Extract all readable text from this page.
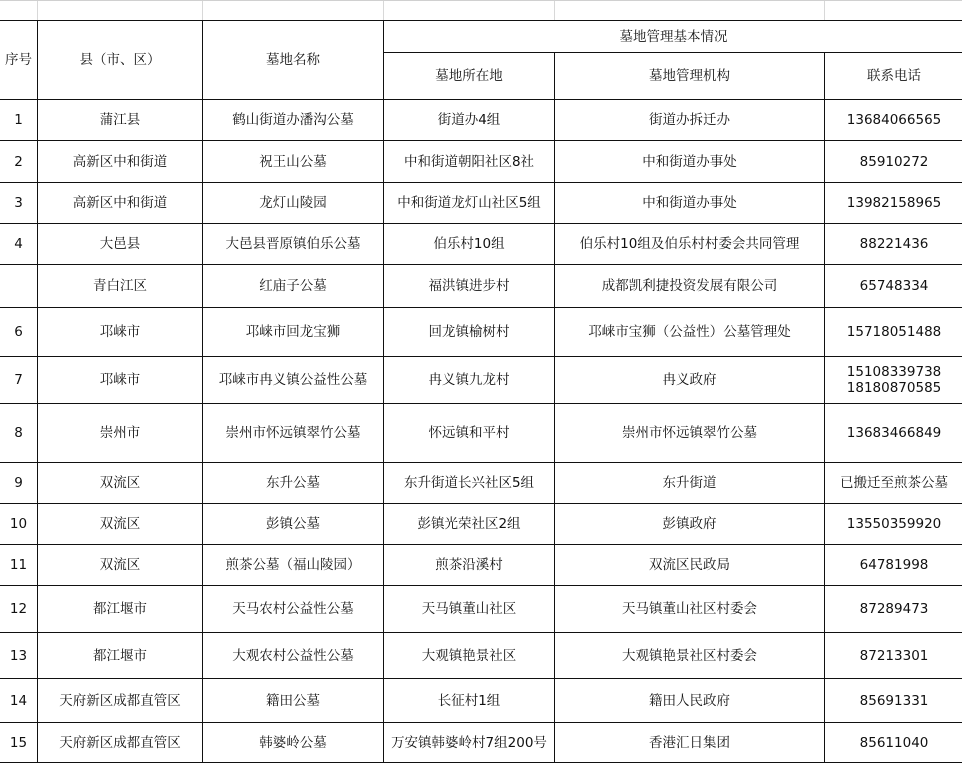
序号	县（市、区）	墓地名称	墓地管理基本情况		
			墓地所在地	墓地管理机构	联系电话
1	蒲江县	鹤山街道办潘沟公墓	街道办4组	街道办拆迁办	13684066565
2	高新区中和街道	祝王山公墓	中和街道朝阳社区8社	中和街道办事处	85910272
3	高新区中和街道	龙灯山陵园	中和街道龙灯山社区5组	中和街道办事处	13982158965
4	大邑县	大邑县晋原镇伯乐公墓	伯乐村10组	伯乐村10组及伯乐村村委会共同管理	88221436
	青白江区	红庙子公墓	福洪镇进步村	成都凯利捷投资发展有限公司	65748334
6	邛崃市	邛崃市回龙宝狮	回龙镇榆树村	邛崃市宝狮（公益性）公墓管理处	15718051488
7	邛崃市	邛崃市冉义镇公益性公墓	冉义镇九龙村	冉义政府	15108339738 18180870585
8	崇州市	崇州市怀远镇翠竹公墓	怀远镇和平村	崇州市怀远镇翠竹公墓	13683466849
9	双流区	东升公墓	东升街道长兴社区5组	东升街道	已搬迁至煎茶公墓
10	双流区	彭镇公墓	彭镇光荣社区2组	彭镇政府	13550359920
11	双流区	煎茶公墓（福山陵园）	煎茶沿溪村	双流区民政局	64781998
12	都江堰市	天马农村公益性公墓	天马镇董山社区	天马镇董山社区村委会	87289473
13	都江堰市	大观农村公益性公墓	大观镇艳景社区	大观镇艳景社区村委会	87213301
14	天府新区成都直管区	籍田公墓	长征村1组	籍田人民政府	85691331
15	天府新区成都直管区	韩婆岭公墓	万安镇韩婆岭村7组200号	香港汇日集团	85611040
